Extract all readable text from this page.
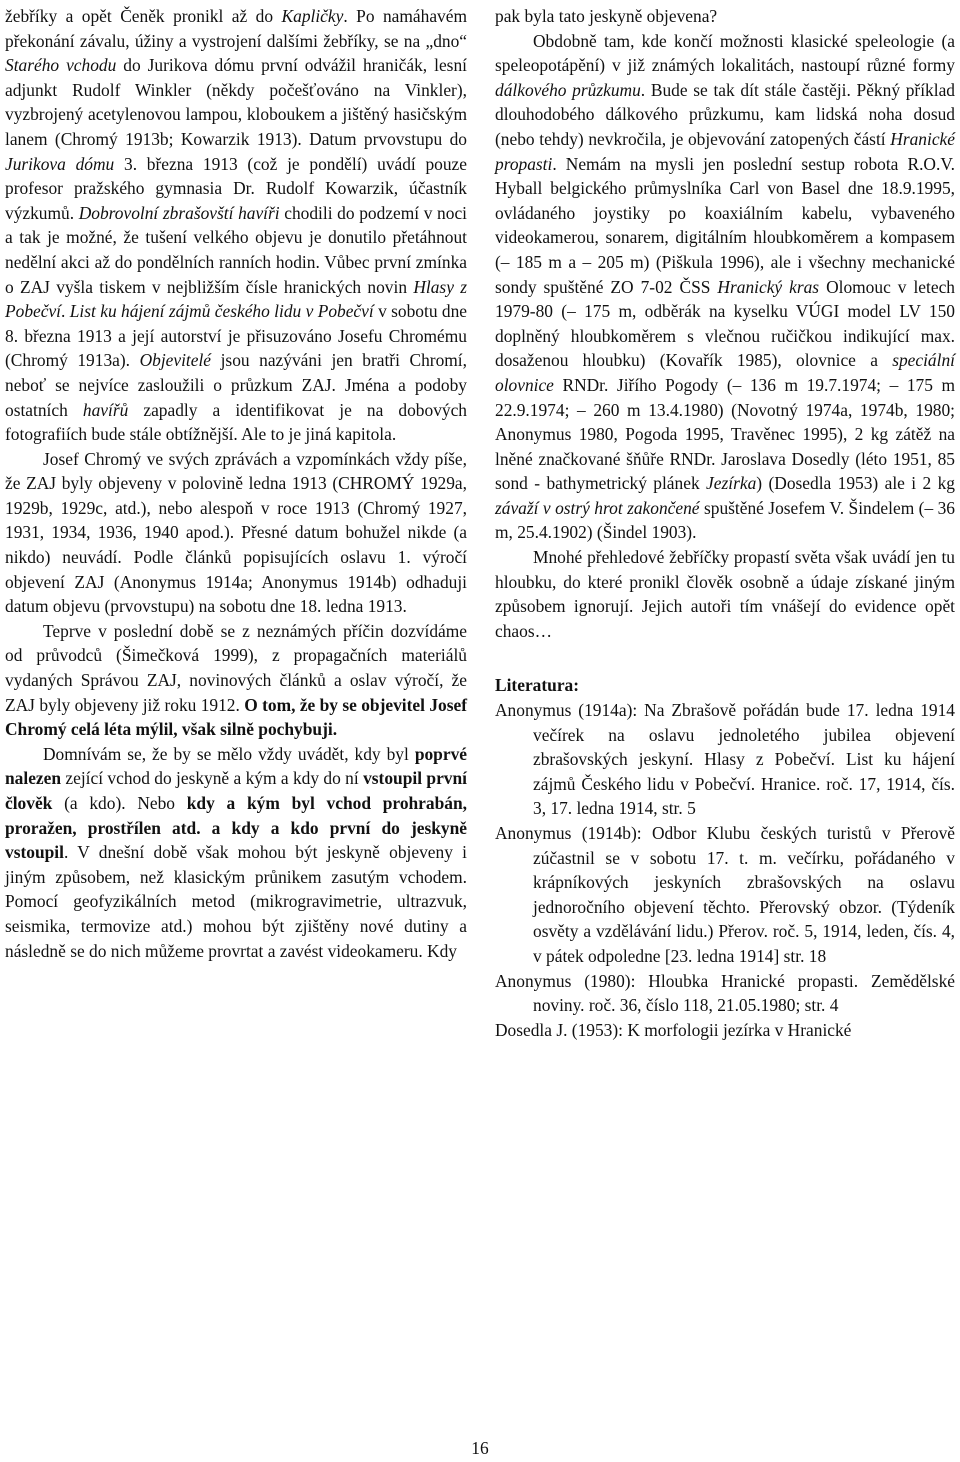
žebříky a opět Čeněk pronikl až do Kapličky. Po namáhavém překonání závalu, úžiny a vystrojení dalšími žebříky, se na „dno“ Starého vchodu do Jurikova dómu první odvážil hraničák, lesní adjunkt Rudolf Winkler (někdy počešťováno na Vinkler), vyzbrojený acetylenovou lampou, kloboukem a jištěný hasičským lanem (Chromý 1913b; Kowarzik 1913). Datum prvovstupu do Jurikova dómu 3. března 1913 (což je pondělí) uvádí pouze profesor pražského gymnasia Dr. Rudolf Kowarzik, účastník výzkumů. Dobrovolní zbrašovští havíři chodili do podzemí v noci a tak je možné, že tušení velkého objevu je donutilo přetáhnout nedělní akci až do pondělních ranních hodin. Vůbec první zmínka o ZAJ vyšla tiskem v nejbližším čísle hranických novin Hlasy z Pobečví. List ku hájení zájmů českého lidu v Pobečví v sobotu dne 8. března 1913 a její autorství je přisuzováno Josefu Chromému (Chromý 1913a). Objevitelé jsou nazýváni jen bratři Chromí, neboť se nejvíce zasloužili o průzkum ZAJ. Jména a podoby ostatních havířů zapadly a identifikovat je na dobových fotografiích bude stále obtížnější. Ale to je jiná kapitola.

Josef Chromý ve svých zprávách a vzpomínkách vždy píše, že ZAJ byly objeveny v polovině ledna 1913 (CHROMÝ 1929a, 1929b, 1929c, atd.), nebo alespoň v roce 1913 (Chromý 1927, 1931, 1934, 1936, 1940 apod.). Přesné datum bohužel nikde (a nikdo) neuvádí. Podle článků popisujících oslavu 1. výročí objevení ZAJ (Anonymus 1914a; Anonymus 1914b) odhaduji datum objevu (prvovstupu) na sobotu dne 18. ledna 1913.

Teprve v poslední době se z neznámých příčin dozvídáme od průvodců (Šimečková 1999), z propagačních materiálů vydaných Správou ZAJ, novinových článků a oslav výročí, že ZAJ byly objeveny již roku 1912. O tom, že by se objevitel Josef Chromý celá léta mýlil, však silně pochybuji.

Domnívám se, že by se mělo vždy uvádět, kdy byl poprvé nalezen zející vchod do jeskyně a kým a kdy do ní vstoupil první člověk (a kdo). Nebo kdy a kým byl vchod prohrabán, proražen, prostřílen atd. a kdy a kdo první do jeskyně vstoupil. V dnešní době však mohou být jeskyně objeveny i jiným způsobem, než klasickým průnikem zasutým vchodem. Pomocí geofyzikálních metod (mikrogravimetrie, ultrazvuk, seismika, termovize atd.) mohou být zjištěny nové dutiny a následně se do nich můžeme provrtat a zavést videokameru. Kdy

pak byla tato jeskyně objevena?

Obdobně tam, kde končí možnosti klasické speleologie (a speleopotápění) v již známých lokalitách, nastoupí různé formy dálkového průzkumu. Bude se tak dít stále častěji. Pěkný příklad dlouhodobého dálkového průzkumu, kam lidská noha dosud (nebo tehdy) nevkročila, je objevování zatopených částí Hranické propasti. Nemám na mysli jen poslední sestup robota R.O.V. Hyball belgického průmyslníka Carl von Basel dne 18.9.1995, ovládaného joystiky po koaxiálním kabelu, vybaveného videokamerou, sonarem, digitálním hloubkoměrem a kompasem (– 185 m a – 205 m) (Piškula 1996), ale i všechny mechanické sondy spuštěné ZO 7-02 ČSS Hranický kras Olomouc v letech 1979-80 (– 175 m, odběrák na kyselku VÚGI model LV 150 doplněný hloubkoměrem s vlečnou ručičkou indikující max. dosaženou hloubku) (Kovařík 1985), olovnice a speciální olovnice RNDr. Jiřího Pogody (– 136 m 19.7.1974; – 175 m 22.9.1974; – 260 m 13.4.1980) (Novotný 1974a, 1974b, 1980; Anonymus 1980, Pogoda 1995, Travěnec 1995), 2 kg zátěž na lněné značkované šňůře RNDr. Jaroslava Dosedly (léto 1951, 85 sond - bathymetrický plánek Jezírka) (Dosedla 1953) ale i 2 kg závaží v ostrý hrot zakončené spuštěné Josefem V. Šindelem (– 36 m, 25.4.1902) (Šindel 1903).

Mnohé přehledové žebříčky propastí světa však uvádí jen tu hloubku, do které pronikl člověk osobně a údaje získané jiným způsobem ignorují. Jejich autoři tím vnášejí do evidence opět chaos…

Literatura:

Anonymus (1914a): Na Zbrašově pořádán bude 17. ledna 1914 večírek na oslavu jednoletého jubilea objevení zbrašovských jeskyní. Hlasy z Pobečví. List ku hájení zájmů Českého lidu v Pobečví. Hranice. roč. 17, 1914, čís. 3, 17. ledna 1914, str. 5

Anonymus (1914b): Odbor Klubu českých turistů v Přerově zúčastnil se v sobotu 17. t. m. večírku, pořádaného v krápníkových jeskyních zbrašovských na oslavu jednoročního objevení těchto. Přerovský obzor. (Týdeník osvěty a vzdělávání lidu.) Přerov. roč. 5, 1914, leden, čís. 4, v pátek odpoledne [23. ledna 1914] str. 18

Anonymus (1980): Hloubka Hranické propasti. Zemědělské noviny. roč. 36, číslo 118, 21.05.1980; str. 4

Dosedla J. (1953): K morfologii jezírka v Hranické

16
